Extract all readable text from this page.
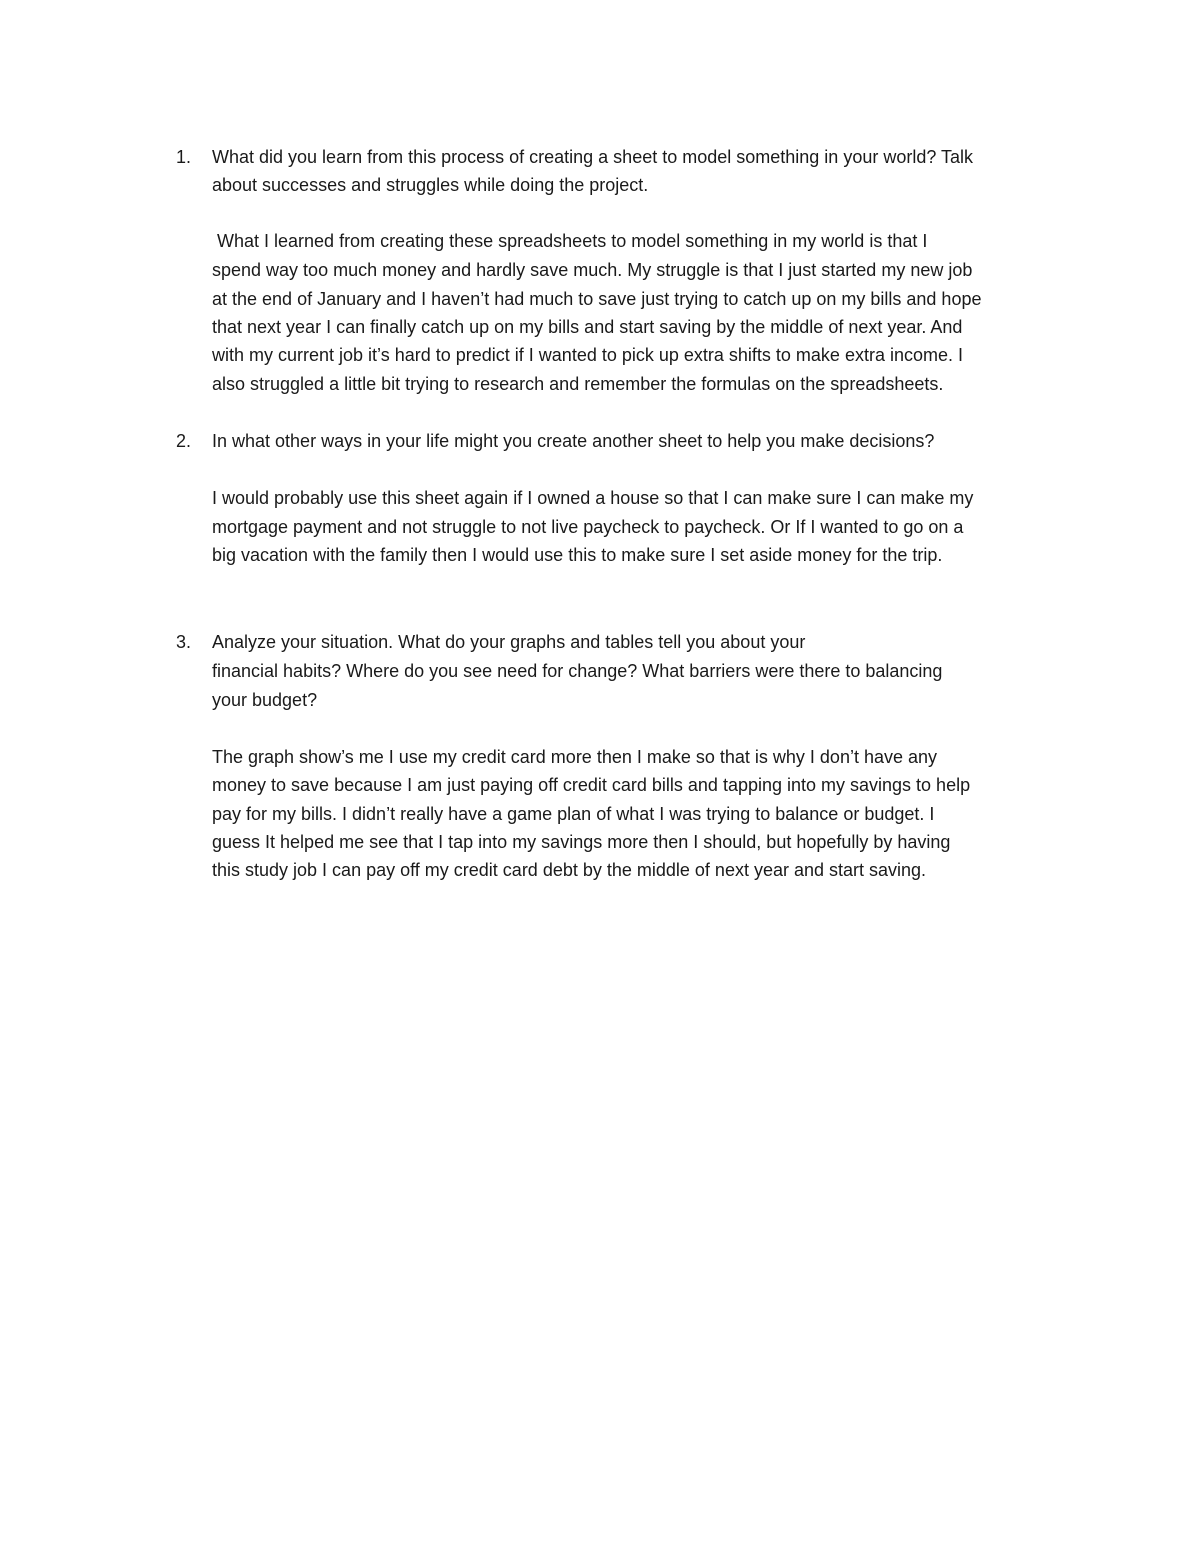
1. What did you learn from this process of creating a sheet to model something in your world? Talk

about successes and struggles while doing the project.

What I learned from creating these spreadsheets to model something in my world is that I

spend way too much money and hardly save much. My struggle is that I just started my new job

at the end of January and I haven’t had much to save just trying to catch up on my bills and hope

that next year I can finally catch up on my bills and start saving by the middle of next year. And

with my current job it’s hard to predict if I wanted to pick up extra shifts to make extra income. I

also struggled a little bit trying to research and remember the formulas on the spreadsheets.

2. In what other ways in your life might you create another sheet to help you make decisions?

I would probably use this sheet again if I owned a house so that I can make sure I can make my

mortgage payment and not struggle to not live paycheck to paycheck. Or If I wanted to go on a

big vacation with the family then I would use this to make sure I set aside money for the trip.

3. Analyze your situation. What do your graphs and tables tell you about your

financial habits? Where do you see need for change? What barriers were there to balancing

your budget?

The graph show’s me I use my credit card more then I make so that is why I don’t have any

money to save because I am just paying off credit card bills and tapping into my savings to help

pay for my bills. I didn’t really have a game plan of what I was trying to balance or budget. I

guess It helped me see that I tap into my savings more then I should, but hopefully by having

this study job I can pay off my credit card debt by the middle of next year and start saving.
